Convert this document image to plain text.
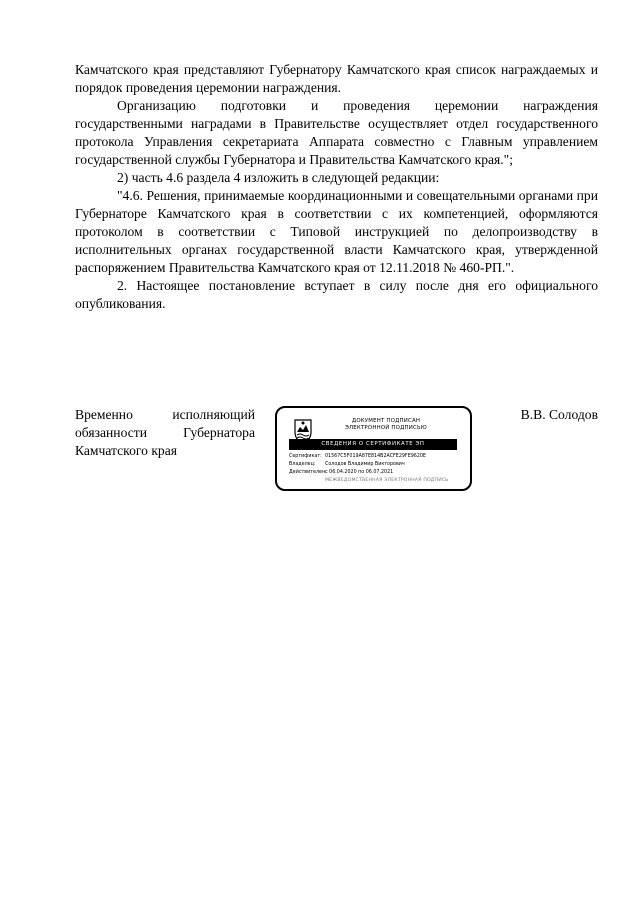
Камчатского края представляют Губернатору Камчатского края список награждаемых и порядок проведения церемонии награждения.

Организацию подготовки и проведения церемонии награждения государственными наградами в Правительстве осуществляет отдел государственного протокола Управления секретариата Аппарата совместно с Главным управлением государственной службы Губернатора и Правительства Камчатского края.";

2) часть 4.6 раздела 4 изложить в следующей редакции:

"4.6. Решения, принимаемые координационными и совещательными органами при Губернаторе Камчатского края в соответствии с их компетенцией, оформляются протоколом в соответствии с Типовой инструкцией по делопроизводству в исполнительных органах государственной власти Камчатского края, утвержденной распоряжением Правительства Камчатского края от 12.11.2018 № 460-РП.".

2. Настоящее постановление вступает в силу после дня его официального опубликования.

Временно	исполняющий
обязанности	Губернатора
Камчатского края
ДОКУМЕНТ ПОДПИСАН
ЭЛЕКТРОННОЙ ПОДПИСЬЮ
СВЕДЕНИЯ О СЕРТИФИКАТЕ ЭП
Сертификат: 01567C5F019A87E814B2ACFE29FE9620E
Владелец:	Солодов Владимир Викторович
Действителен:
с 06.04.2020 по 06.07.2021
МЕЖВЕДОМСТВЕННАЯ ЭЛЕКТРОННАЯ ПОДПИСЬ
В.В. Солодов
